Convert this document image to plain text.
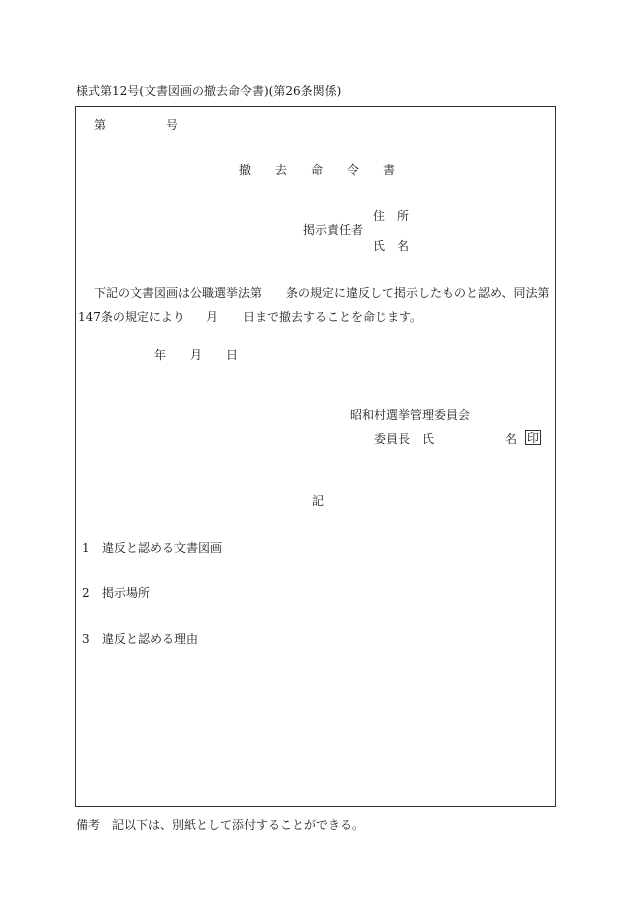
様式第12号(文書図画の撤去命令書)(第26条関係)
第	号
撤 去 命 令 書
住 所
掲示責任者
氏 名
下記の文書図画は公職選挙法第 条の規定に違反して掲示したものと認め、同法第
147条の規定により 月 日まで撤去することを命じます。
年 月 日
昭和村選挙管理委員会
委員長 氏	名 印
記
1 違反と認める文書図画
2 掲示場所
3 違反と認める理由
備考　記以下は、別紙として添付することができる。
